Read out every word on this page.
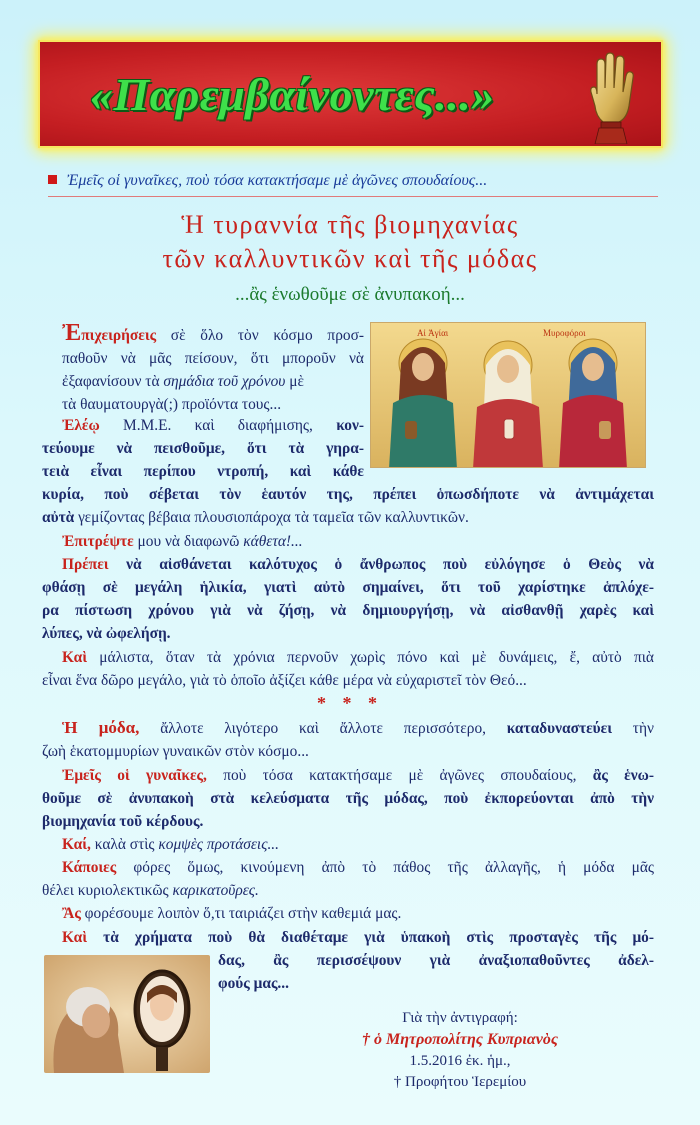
«Παρεμβαίνοντες...»
Ἐμεῖς οἱ γυναῖκες, ποὺ τόσα κατακτήσαμε μὲ ἀγῶνες σπουδαίους...
Ἡ τυραννία τῆς βιομηχανίας
τῶν καλλυντικῶν καὶ τῆς μόδας
...ἂς ἑνωθοῦμε σὲ ἀνυπακοή...
Αἱ Ἁγίαι	Μυροφόροι
Ἐπιχειρήσεις σὲ ὅλο τὸν κόσμο προσ-
παθοῦν νὰ μᾶς πείσουν, ὅτι μποροῦν νὰ
ἐξαφανίσουν τὰ σημάδια τοῦ χρόνου μὲ
τὰ θαυματουργὰ(;) προϊόντα τους...
Ἐλέῳ Μ.Μ.Ε. καὶ διαφήμισης, κον-
τεύουμε νὰ πεισθοῦμε, ὅτι τὰ γηρα-
τειὰ εἶναι περίπου ντροπή, καὶ κάθε
κυρία, ποὺ σέβεται τὸν ἑαυτόν της, πρέπει ὁπωσδήποτε νὰ ἀντιμάχεται
αὐτὰ γεμίζοντας βέβαια πλουσιοπάροχα τὰ ταμεῖα τῶν καλλυντικῶν.
Ἐπιτρέψτε μου νὰ διαφωνῶ κάθετα!...
Πρέπει νὰ αἰσθάνεται καλότυχος ὁ ἄνθρωπος ποὺ εὐλόγησε ὁ Θεὸς νὰ
φθάσῃ σὲ μεγάλη ἡλικία, γιατὶ αὐτὸ σημαίνει, ὅτι τοῦ χαρίστηκε ἁπλόχε-
ρα πίστωση χρόνου γιὰ νὰ ζήσῃ, νὰ δημιουργήσῃ, νὰ αἰσθανθῇ χαρὲς καὶ
λύπες, νὰ ὠφελήσῃ.
Καὶ μάλιστα, ὅταν τὰ χρόνια περνοῦν χωρὶς πόνο καὶ μὲ δυνάμεις, ἔ, αὐτὸ πιὰ
εἶναι ἕνα δῶρο μεγάλο, γιὰ τὸ ὁποῖο ἀξίζει κάθε μέρα νὰ εὐχαριστεῖ τὸν Θεό...
* * *
Ἡ μόδα, ἄλλοτε λιγότερο καὶ ἄλλοτε περισσότερο, καταδυναστεύει τὴν
ζωὴ ἑκατομμυρίων γυναικῶν στὸν κόσμο...
Ἐμεῖς οἱ γυναῖκες, ποὺ τόσα κατακτήσαμε μὲ ἀγῶνες σπουδαίους, ἂς ἑνω-
θοῦμε σὲ ἀνυπακοὴ στὰ κελεύσματα τῆς μόδας, ποὺ ἐκπορεύονται ἀπὸ τὴν
βιομηχανία τοῦ κέρδους.
Καί, καλὰ στὶς κομψὲς προτάσεις...
Κάποιες φόρες ὅμως, κινούμενη ἀπὸ τὸ πάθος τῆς ἀλλαγῆς, ἡ μόδα μᾶς
θέλει κυριολεκτικῶς καρικατοῦρες.
Ἂς φορέσουμε λοιπὸν ὅ,τι ταιριάζει στὴν καθεμιά μας.
Καὶ τὰ χρήματα ποὺ θὰ διαθέταμε γιὰ ὑπακοὴ στὶς προσταγὲς τῆς μό-
δας, ἂς περισσέψουν γιὰ ἀναξιοπαθοῦντες ἀδελ-
φούς μας...
Γιὰ τὴν ἀντιγραφή:
† ὁ Μητροπολίτης Κυπριανὸς
1.5.2016 ἐκ. ἡμ.,
† Προφήτου Ἱερεμίου
